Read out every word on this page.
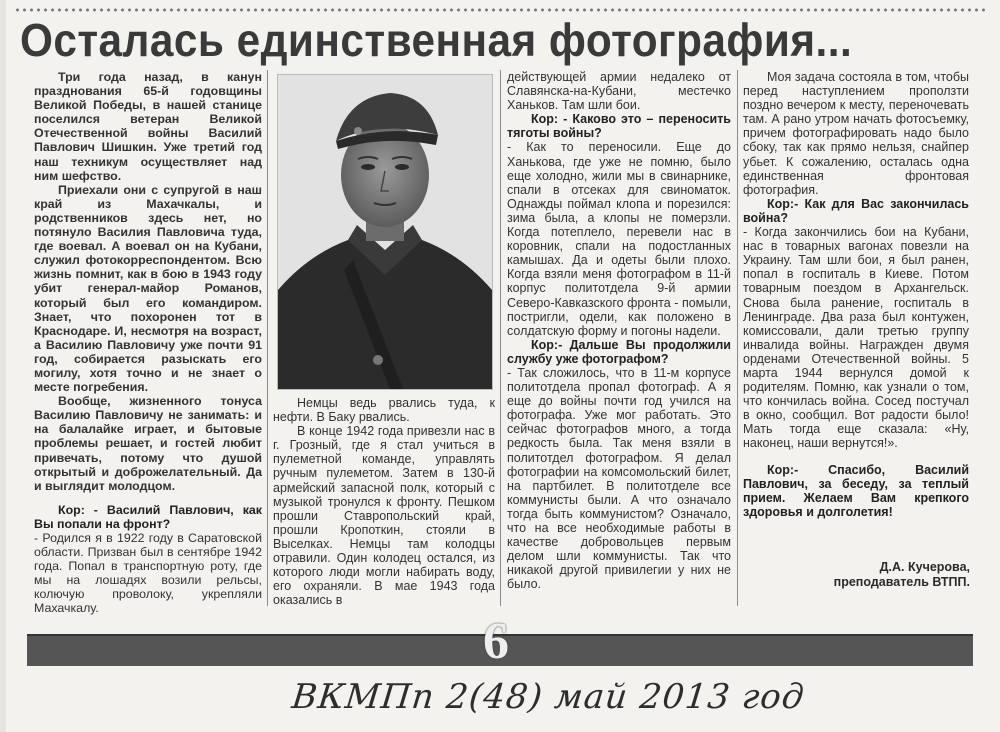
Осталась единственная фотография...

Три года назад, в канун празднования 65-й годовщины Великой Победы, в нашей станице поселился ветеран Великой Отечественной войны Василий Павлович Шишкин. Уже третий год наш техникум осуществляет над ним шефство.

Приехали они с супругой в наш край из Махачкалы, и родственников здесь нет, но потянуло Василия Павловича туда, где воевал. А воевал он на Кубани, служил фотокорреспондентом. Всю жизнь помнит, как в бою в 1943 году убит генерал-майор Романов, который был его командиром. Знает, что похоронен тот в Краснодаре. И, несмотря на возраст, а Василию Павловичу уже почти 91 год, собирается разыскать его могилу, хотя точно и не знает о месте погребения.

Вообще, жизненного тонуса Василию Павловичу не занимать: и на балалайке играет, и бытовые проблемы решает, и гостей любит привечать, потому что душой открытый и доброжелательный. Да и выглядит молодцом.

Кор: - Василий Павлович, как Вы попали на фронт?

- Родился я в 1922 году в Саратовской области. Призван был в сентябре 1942 года. Попал в транспортную роту, где мы на лошадях возили рельсы, колючую проволоку, укрепляли Махачкалу.

Немцы ведь рвались туда, к нефти. В Баку рвались.

В конце 1942 года привезли нас в г. Грозный, где я стал учиться в пулеметной команде, управлять ручным пулеметом. Затем в 130-й армейский запасной полк, который с музыкой тронулся к фронту. Пешком прошли Ставропольский край, прошли Кропоткин, стояли в Выселках. Немцы там колодцы отравили. Один колодец остался, из которого люди могли набирать воду, его охраняли. В мае 1943 года оказались в

действующей армии недалеко от Славянска-на-Кубани, местечко Ханьков. Там шли бои.

Кор: - Каково это – переносить тяготы войны?

- Как то переносили. Еще до Ханькова, где уже не помню, было еще холодно, жили мы в свинарнике, спали в отсеках для свиноматок. Однажды поймал клопа и порезился: зима была, а клопы не померзли. Когда потеплело, перевели нас в коровник, спали на подостланных камышах. Да и одеты были плохо. Когда взяли меня фотографом в 11-й корпус политотдела 9-й армии Северо-Кавказского фронта - помыли, постригли, одели, как положено в солдатскую форму и погоны надели.

Кор:- Дальше Вы продолжили службу уже фотографом?

- Так сложилось, что в 11-м корпусе политотдела пропал фотограф. А я еще до войны почти год учился на фотографа. Уже мог работать. Это сейчас фотографов много, а тогда редкость была. Так меня взяли в политотдел фотографом. Я делал фотографии на комсомольский билет, на партбилет. В политотделе все коммунисты были. А что означало тогда быть коммунистом? Означало, что на все необходимые работы в качестве добровольцев первым делом шли коммунисты. Так что никакой другой привилегии у них не было.

Моя задача состояла в том, чтобы перед наступлением проползти поздно вечером к месту, переночевать там. А рано утром начать фотосъемку, причем фотографировать надо было сбоку, так как прямо нельзя, снайпер убьет. К сожалению, осталась одна единственная фронтовая фотография.

Кор:- Как для Вас закончилась война?

- Когда закончились бои на Кубани, нас в товарных вагонах повезли на Украину. Там шли бои, я был ранен, попал в госпиталь в Киеве. Потом товарным поездом в Архангельск. Снова была ранение, госпиталь в Ленинграде. Два раза был контужен, комиссовали, дали третью группу инвалида войны. Награжден двумя орденами Отечественной войны. 5 марта 1944 вернулся домой к родителям. Помню, как узнали о том, что кончилась война. Сосед постучал в окно, сообщил. Вот радости было! Мать тогда еще сказала: «Ну, наконец, наши вернутся!».

Кор:- Спасибо, Василий Павлович, за беседу, за теплый прием. Желаем Вам крепкого здоровья и долголетия!

Д.А. Кучерова,
преподаватель ВТПП.
6
ВКМПп 2(48) май 2013 год
